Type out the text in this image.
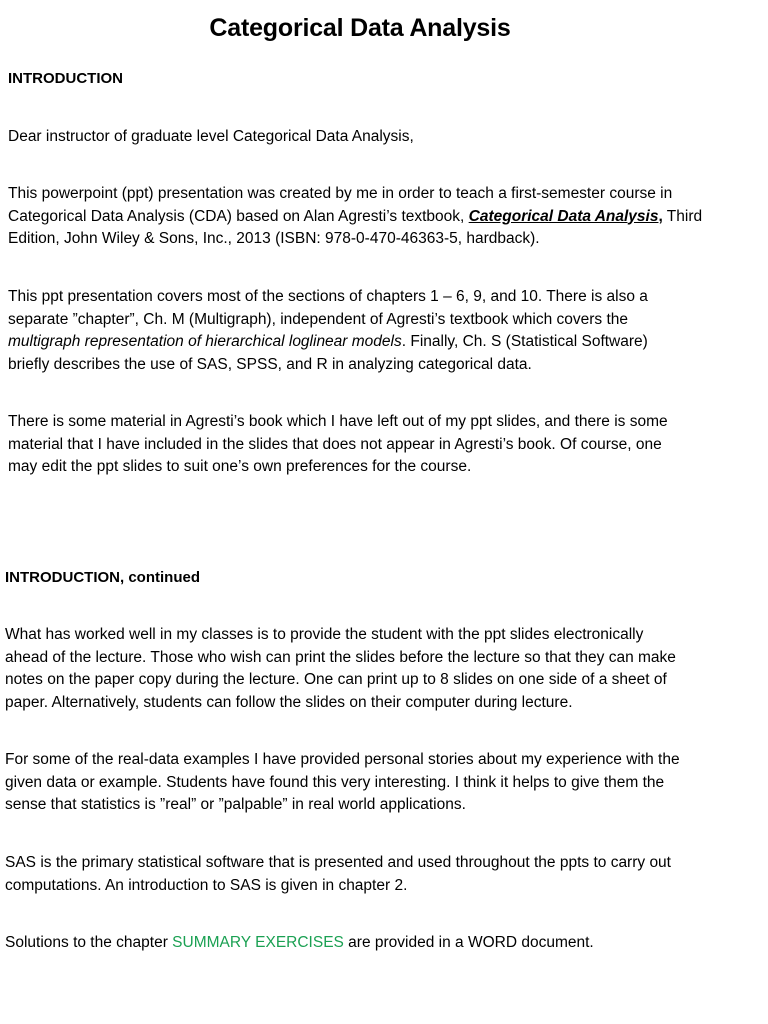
Categorical Data Analysis

INTRODUCTION

Dear instructor of graduate level Categorical Data Analysis,

This powerpoint (ppt) presentation was created by me in order to teach a first-semester course in
Categorical Data Analysis (CDA) based on Alan Agresti’s textbook, Categorical Data Analysis, Third
Edition, John Wiley & Sons, Inc., 2013 (ISBN: 978-0-470-46363-5, hardback).

This ppt presentation covers most of the sections of chapters 1 – 6, 9, and 10. There is also a
separate ”chapter”, Ch. M (Multigraph), independent of Agresti’s textbook which covers the
multigraph representation of hierarchical loglinear models. Finally, Ch. S (Statistical Software)
briefly describes the use of SAS, SPSS, and R in analyzing categorical data.

There is some material in Agresti’s book which I have left out of my ppt slides, and there is some
material that I have included in the slides that does not appear in Agresti’s book. Of course, one
may edit the ppt slides to suit one’s own preferences for the course.

INTRODUCTION, continued

What has worked well in my classes is to provide the student with the ppt slides electronically
ahead of the lecture. Those who wish can print the slides before the lecture so that they can make
notes on the paper copy during the lecture. One can print up to 8 slides on one side of a sheet of
paper. Alternatively, students can follow the slides on their computer during lecture.

For some of the real-data examples I have provided personal stories about my experience with the
given data or example. Students have found this very interesting. I think it helps to give them the
sense that statistics is ”real” or ”palpable” in real world applications.

SAS is the primary statistical software that is presented and used throughout the ppts to carry out
computations. An introduction to SAS is given in chapter 2.

Solutions to the chapter SUMMARY EXERCISES are provided in a WORD document.
